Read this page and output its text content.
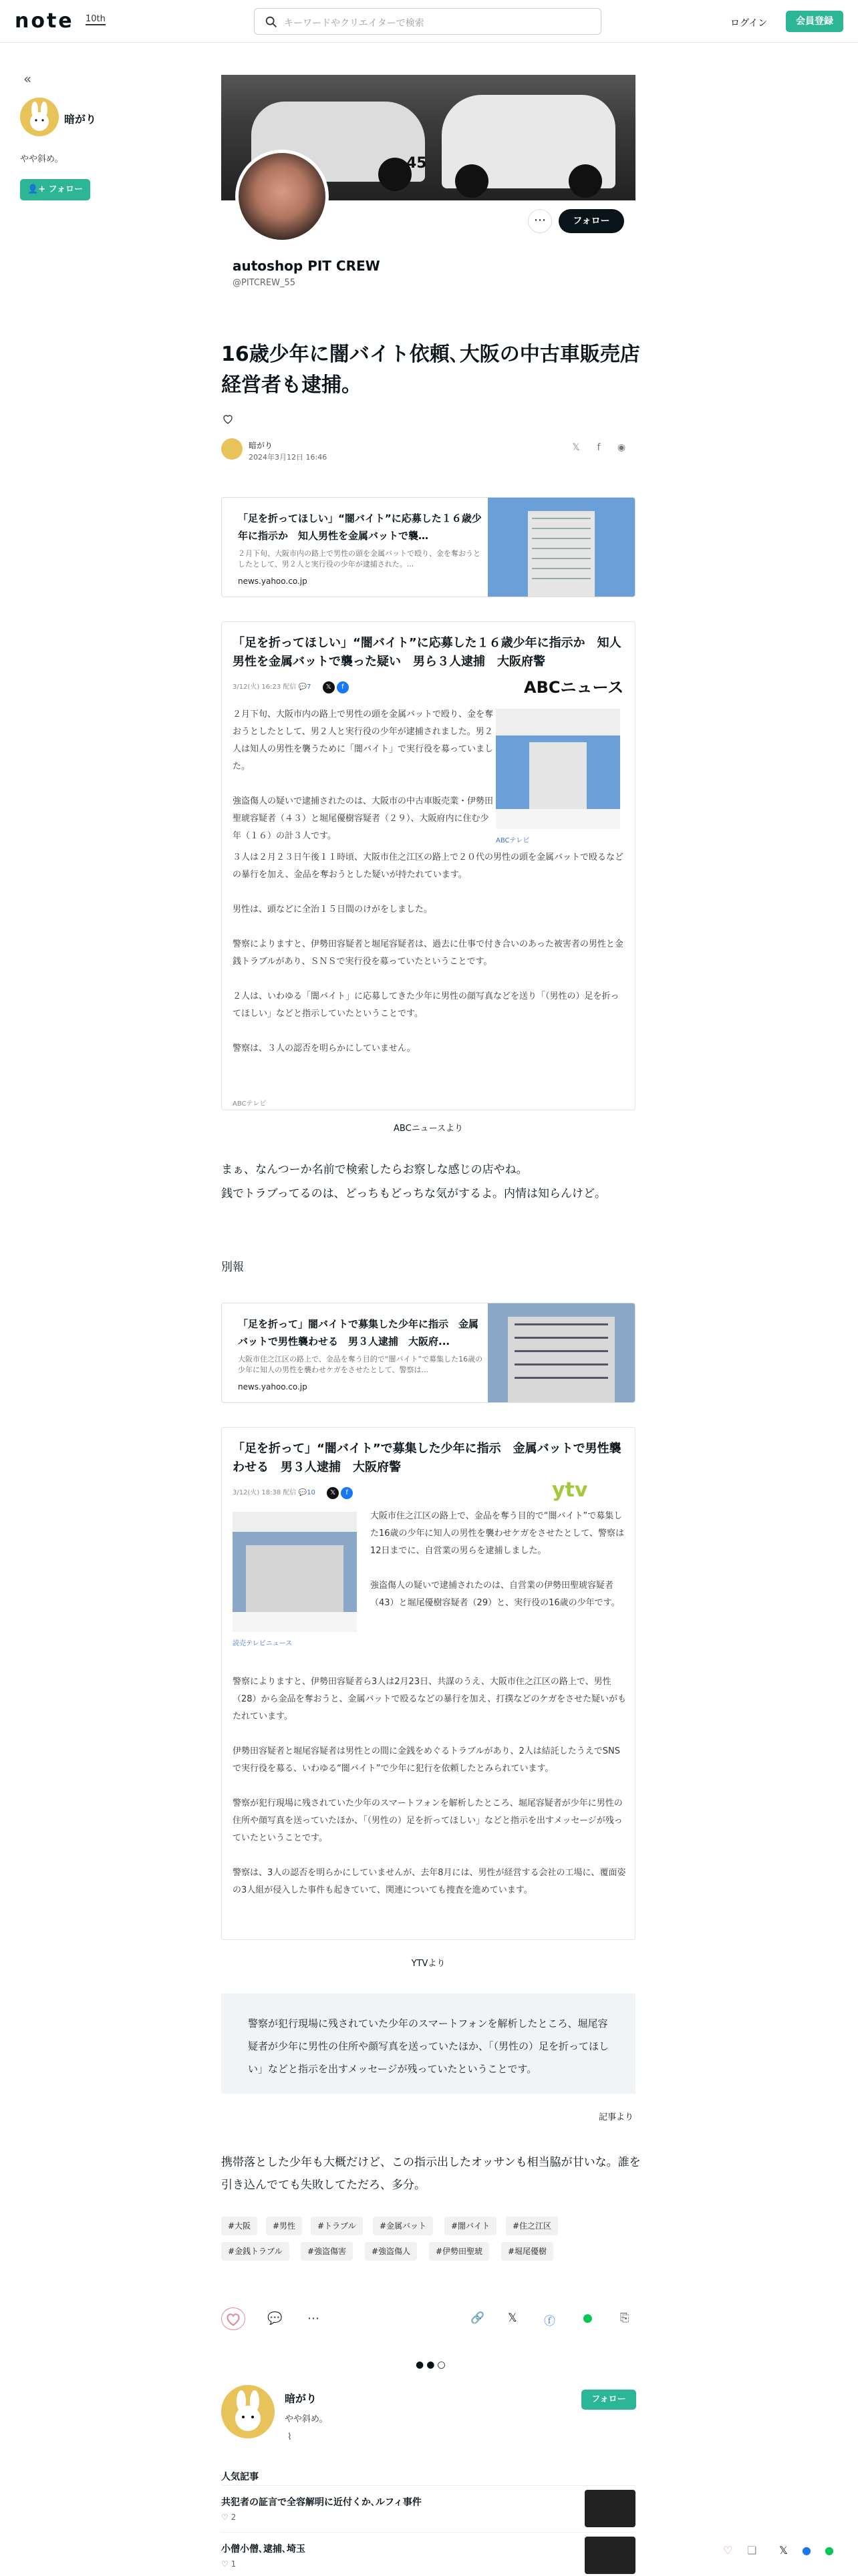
note 10th	キーワードやクリエイターで検索	ログイン	会員登録
«
暗がり
やや斜め。
👤+ フォロー
45
⋯	フォロー
autoshop PIT CREW
@PITCREW_55
16歳少年に闇バイト依頼､大阪の中古車販売店経営者も逮捕。
暗がり
2024年3月12日 16:46
𝕏	f	◉
「足を折ってほしい」“闇バイト”に応募した１６歳少年に指示か　知人男性を金属バットで襲…
２月下旬、大阪市内の路上で男性の頭を金属バットで殴り、金を奪おうとしたとして、男２人と実行役の少年が逮捕された。...
news.yahoo.co.jp
「足を折ってほしい」“闇バイト”に応募した１６歳少年に指示か　知人男性を金属バットで襲った疑い　男ら３人逮捕　大阪府警
3/12(火) 16:23 配信 💬7 𝕏 f	ABCニュース

２月下旬、大阪市内の路上で男性の頭を金属バットで殴り、金を奪おうとしたとして、男２人と実行役の少年が逮捕されました。男２人は知人の男性を襲うために「闇バイト」で実行役を募っていました。

強盗傷人の疑いで逮捕されたのは、大阪市の中古車販売業・伊勢田聖琥容疑者（４３）と堀尾優樹容疑者（２９）、大阪府内に住む少年（１６）の計３人です。	ABCテレビ

３人は２月２３日午後１１時頃、大阪市住之江区の路上で２０代の男性の頭を金属バットで殴るなどの暴行を加え、金品を奪おうとした疑いが持たれています。

男性は、頭などに全治１５日間のけがをしました。

警察によりますと、伊勢田容疑者と堀尾容疑者は、過去に仕事で付き合いのあった被害者の男性と金銭トラブルがあり、ＳＮＳで実行役を募っていたということです。

２人は、いわゆる「闇バイト」に応募してきた少年に男性の顔写真などを送り「（男性の）足を折ってほしい」などと指示していたということです。

警察は、３人の認否を明らかにしていません。

ABCテレビ
ABCニュースより
まぁ、なんつーか名前で検索したらお察しな感じの店やね。
銭でトラブってるのは、どっちもどっちな気がするよ。内情は知らんけど。
別報
「足を折って」闇バイトで募集した少年に指示　金属バットで男性襲わせる　男３人逮捕　大阪府...
大阪市住之江区の路上で、金品を奪う目的で“闇バイト”で募集した16歳の少年に知人の男性を襲わせケガをさせたとして、警察は...
news.yahoo.co.jp
「足を折って」“闇バイト”で募集した少年に指示　金属バットで男性襲わせる　男３人逮捕　大阪府警
3/12(火) 18:38 配信 💬10 𝕏 f	ytv
読売テレビニュース

大阪市住之江区の路上で、金品を奪う目的で“闇バイト”で募集した16歳の少年に知人の男性を襲わせケガをさせたとして、警察は12日までに、自営業の男らを逮捕しました。

強盗傷人の疑いで逮捕されたのは、自営業の伊勢田聖琥容疑者（43）と堀尾優樹容疑者（29）と、実行役の16歳の少年です。

警察によりますと、伊勢田容疑者ら3人は2月23日、共謀のうえ、大阪市住之江区の路上で、男性（28）から金品を奪おうと、金属バットで殴るなどの暴行を加え、打撲などのケガをさせた疑いがもたれています。

伊勢田容疑者と堀尾容疑者は男性との間に金銭をめぐるトラブルがあり、2人は結託したうえでSNSで実行役を募る、いわゆる“闇バイト”で少年に犯行を依頼したとみられています。

警察が犯行現場に残されていた少年のスマートフォンを解析したところ、堀尾容疑者が少年に男性の住所や顔写真を送っていたほか、「（男性の）足を折ってほしい」などと指示を出すメッセージが残っていたということです。

警察は、3人の認否を明らかにしていませんが、去年8月には、男性が経営する会社の工場に、覆面姿の3人組が侵入した事件も起きていて、関連についても捜査を進めています。

YTVより
警察が犯行現場に残されていた少年のスマートフォンを解析したところ、堀尾容疑者が少年に男性の住所や顔写真を送っていたほか、「（男性の）足を折ってほしい」などと指示を出すメッセージが残っていたということです。
記事より
携帯落とした少年も大概だけど、この指示出したオッサンも相当脇が甘いな。誰を引き込んでても失敗してただろ、多分。
#大阪	#男性	#トラブル	#金属バット	#闇バイト	#住之江区
#金銭トラブル	#強盗傷害	#強盗傷人	#伊勢田聖琥	#堀尾優樹
💬 ⋯	🔗 𝕏 ⓕ ● ⎘
●●○
暗がり
やや斜め。
⌇
フォロー
人気記事
共犯者の証言で全容解明に近付くか､ルフィ事件
♡ 2
小僧小僧､逮捕､埼玉
♡ 1
♡ ❏ 𝕏 ● ●
